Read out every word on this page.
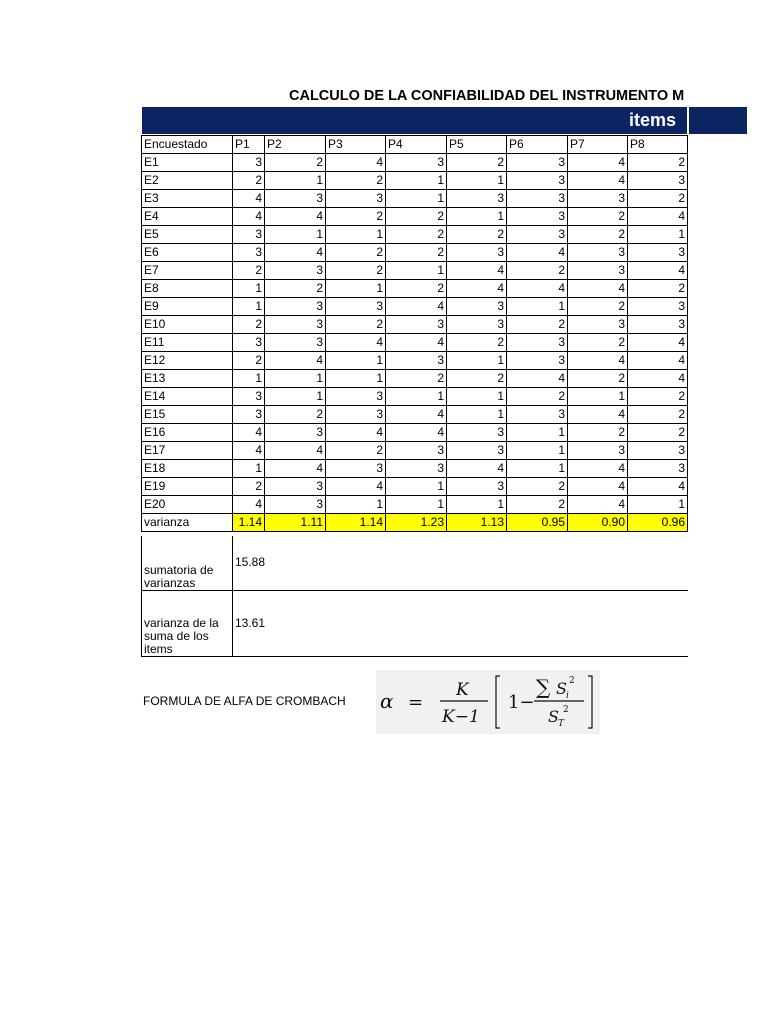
CALCULO DE LA CONFIABILIDAD DEL INSTRUMENTO M
items
Encuestado	P1	P2	P3	P4	P5	P6	P7	P8
E1	3	2	4	3	2	3	4	2
E2	2	1	2	1	1	3	4	3
E3	4	3	3	1	3	3	3	2
E4	4	4	2	2	1	3	2	4
E5	3	1	1	2	2	3	2	1
E6	3	4	2	2	3	4	3	3
E7	2	3	2	1	4	2	3	4
E8	1	2	1	2	4	4	4	2
E9	1	3	3	4	3	1	2	3
E10	2	3	2	3	3	2	3	3
E11	3	3	4	4	2	3	2	4
E12	2	4	1	3	1	3	4	4
E13	1	1	1	2	2	4	2	4
E14	3	1	3	1	1	2	1	2
E15	3	2	3	4	1	3	4	2
E16	4	3	4	4	3	1	2	2
E17	4	4	2	3	3	1	3	3
E18	1	4	3	3	4	1	4	3
E19	2	3	4	1	3	2	4	4
E20	4	3	1	1	1	2	4	1
varianza	1.14	1.11	1.14	1.23	1.13	0.95	0.90	0.96
sumatoria de varianzas	15.88
varianza de la suma de los items	13.61
FORMULA DE ALFA DE CROMBACH α =
K
K−1
1−
∑ S i
2
S T
2
